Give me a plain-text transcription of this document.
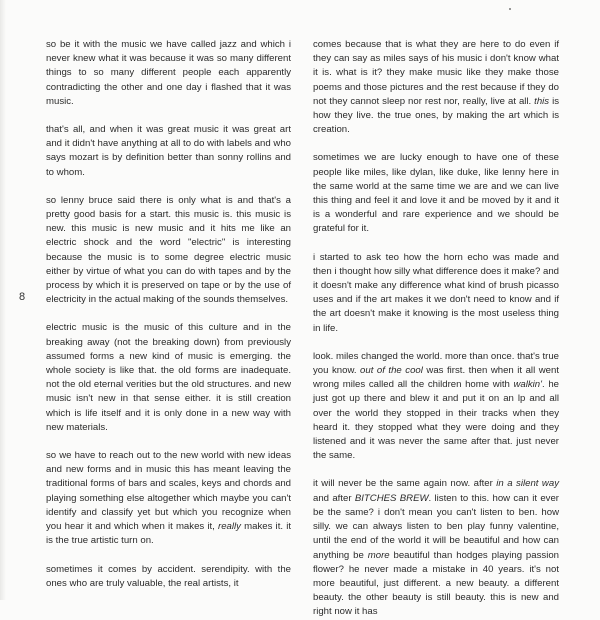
8

so be it with the music we have called jazz and which i never knew what it was because it was so many different things to so many different people each apparently contradicting the other and one day i flashed that it was music.

that's all, and when it was great music it was great art and it didn't have anything at all to do with labels and who says mozart is by definition better than sonny rollins and to whom.

so lenny bruce said there is only what is and that's a pretty good basis for a start. this music is. this music is new. this music is new music and it hits me like an electric shock and the word "electric" is interesting because the music is to some degree electric music either by virtue of what you can do with tapes and by the process by which it is preserved on tape or by the use of electricity in the actual making of the sounds themselves.

electric music is the music of this culture and in the breaking away (not the breaking down) from previously assumed forms a new kind of music is emerging. the whole society is like that. the old forms are inadequate. not the old eternal verities but the old structures. and new music isn't new in that sense either. it is still creation which is life itself and it is only done in a new way with new materials.

so we have to reach out to the new world with new ideas and new forms and in music this has meant leaving the traditional forms of bars and scales, keys and chords and playing something else altogether which maybe you can't identify and classify yet but which you recognize when you hear it and which when it makes it, really makes it. it is the true artistic turn on.

sometimes it comes by accident. serendipity. with the ones who are truly valuable, the real artists, it

comes because that is what they are here to do even if they can say as miles says of his music i don't know what it is. what is it? they make music like they make those poems and those pictures and the rest because if they do not they cannot sleep nor rest nor, really, live at all. this is how they live. the true ones, by making the art which is creation.

sometimes we are lucky enough to have one of these people like miles, like dylan, like duke, like lenny here in the same world at the same time we are and we can live this thing and feel it and love it and be moved by it and it is a wonderful and rare experience and we should be grateful for it.

i started to ask teo how the horn echo was made and then i thought how silly what difference does it make? and it doesn't make any difference what kind of brush picasso uses and if the art makes it we don't need to know and if the art doesn't make it knowing is the most useless thing in life.

look. miles changed the world. more than once. that's true you know. out of the cool was first. then when it all went wrong miles called all the children home with walkin'. he just got up there and blew it and put it on an lp and all over the world they stopped in their tracks when they heard it. they stopped what they were doing and they listened and it was never the same after that. just never the same.

it will never be the same again now. after in a silent way and after BITCHES BREW. listen to this. how can it ever be the same? i don't mean you can't listen to ben. how silly. we can always listen to ben play funny valentine, until the end of the world it will be beautiful and how can anything be more beautiful than hodges playing passion flower? he never made a mistake in 40 years. it's not more beautiful, just different. a new beauty. a different beauty. the other beauty is still beauty. this is new and right now it has
